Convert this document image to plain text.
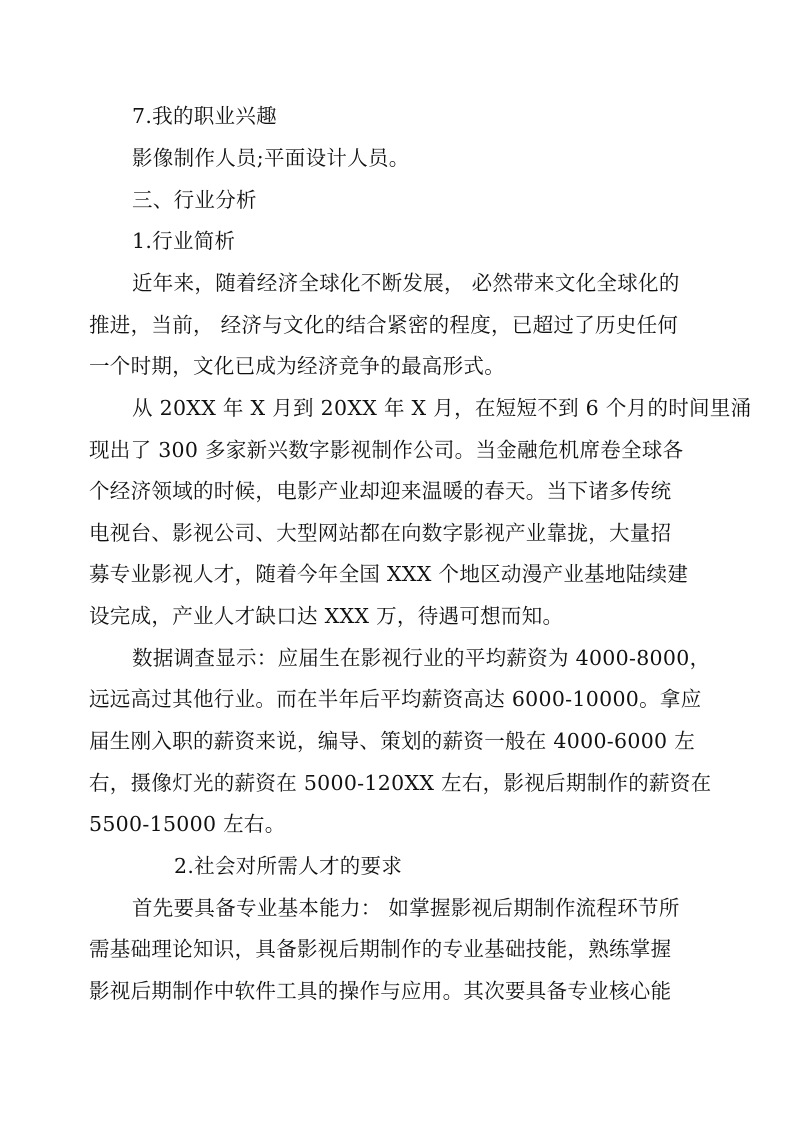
7.我的职业兴趣
影像制作人员;平面设计人员。
三、行业分析
1.行业简析
近年来，随着经济全球化不断发展， 必然带来文化全球化的
推进，当前， 经济与文化的结合紧密的程度，已超过了历史任何
一个时期，文化已成为经济竞争的最高形式。
从 20XX 年 X 月到 20XX 年 X 月，在短短不到 6 个月的时间里涌
现出了 300 多家新兴数字影视制作公司。当金融危机席卷全球各
个经济领域的时候，电影产业却迎来温暖的春天。当下诸多传统
电视台、影视公司、大型网站都在向数字影视产业靠拢，大量招
募专业影视人才，随着今年全国 XXX 个地区动漫产业基地陆续建
设完成，产业人才缺口达 XXX 万，待遇可想而知。
数据调查显示：应届生在影视行业的平均薪资为 4000-8000，
远远高过其他行业。而在半年后平均薪资高达 6000-10000。拿应
届生刚入职的薪资来说，编导、策划的薪资一般在 4000-6000 左
右，摄像灯光的薪资在 5000-120XX 左右，影视后期制作的薪资在
5500-15000 左右。
2.社会对所需人才的要求
首先要具备专业基本能力： 如掌握影视后期制作流程环节所
需基础理论知识，具备影视后期制作的专业基础技能，熟练掌握
影视后期制作中软件工具的操作与应用。其次要具备专业核心能
